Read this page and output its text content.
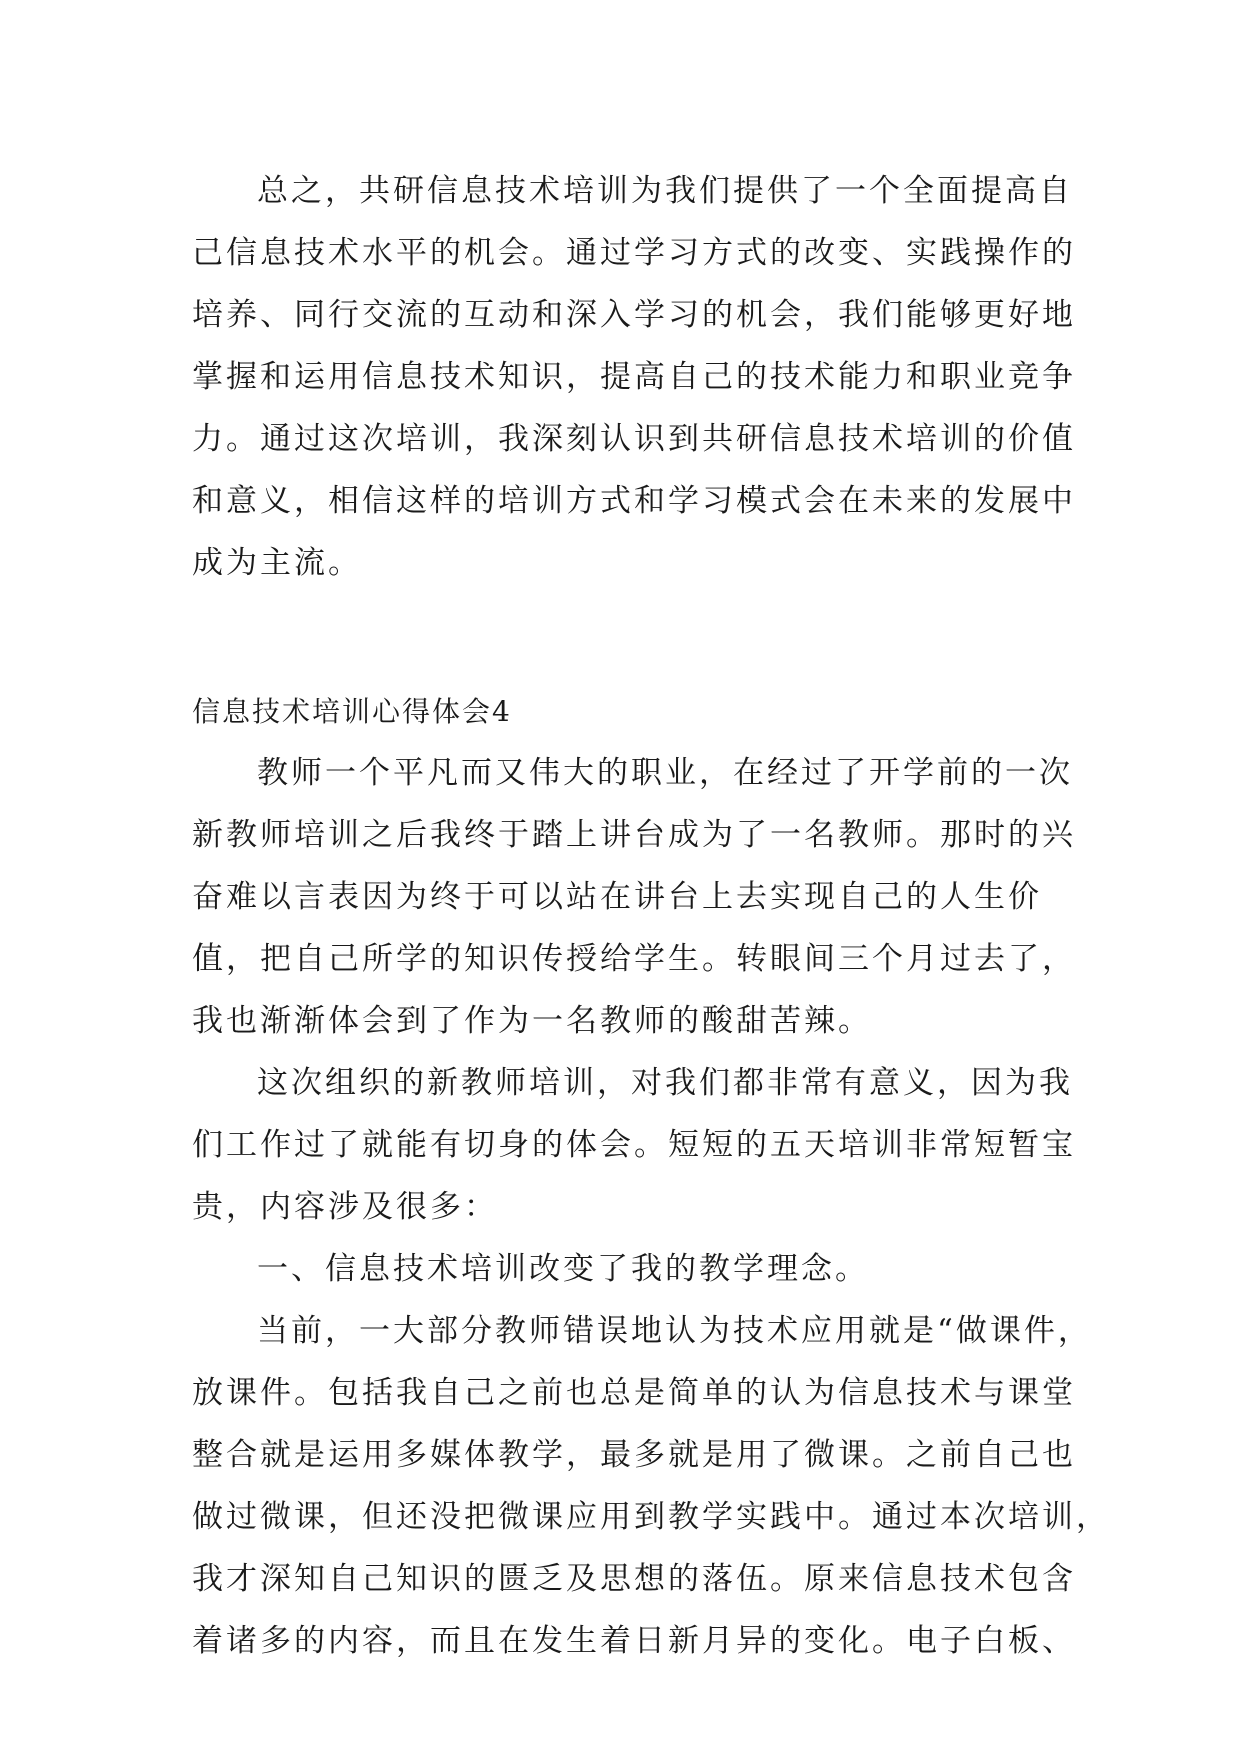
总之，共研信息技术培训为我们提供了一个全面提高自
己信息技术水平的机会。通过学习方式的改变、实践操作的
培养、同行交流的互动和深入学习的机会，我们能够更好地
掌握和运用信息技术知识，提高自己的技术能力和职业竞争
力。通过这次培训，我深刻认识到共研信息技术培训的价值
和意义，相信这样的培训方式和学习模式会在未来的发展中
成为主流。
信息技术培训心得体会4
教师一个平凡而又伟大的职业，在经过了开学前的一次
新教师培训之后我终于踏上讲台成为了一名教师。那时的兴
奋难以言表因为终于可以站在讲台上去实现自己的人生价
值，把自己所学的知识传授给学生。转眼间三个月过去了，
我也渐渐体会到了作为一名教师的酸甜苦辣。
这次组织的新教师培训，对我们都非常有意义，因为我
们工作过了就能有切身的体会。短短的五天培训非常短暂宝
贵，内容涉及很多：
一、信息技术培训改变了我的教学理念。
当前，一大部分教师错误地认为技术应用就是“做课件，
放课件。包括我自己之前也总是简单的认为信息技术与课堂
整合就是运用多媒体教学，最多就是用了微课。之前自己也
做过微课，但还没把微课应用到教学实践中。通过本次培训，
我才深知自己知识的匮乏及思想的落伍。原来信息技术包含
着诸多的内容，而且在发生着日新月异的变化。电子白板、
